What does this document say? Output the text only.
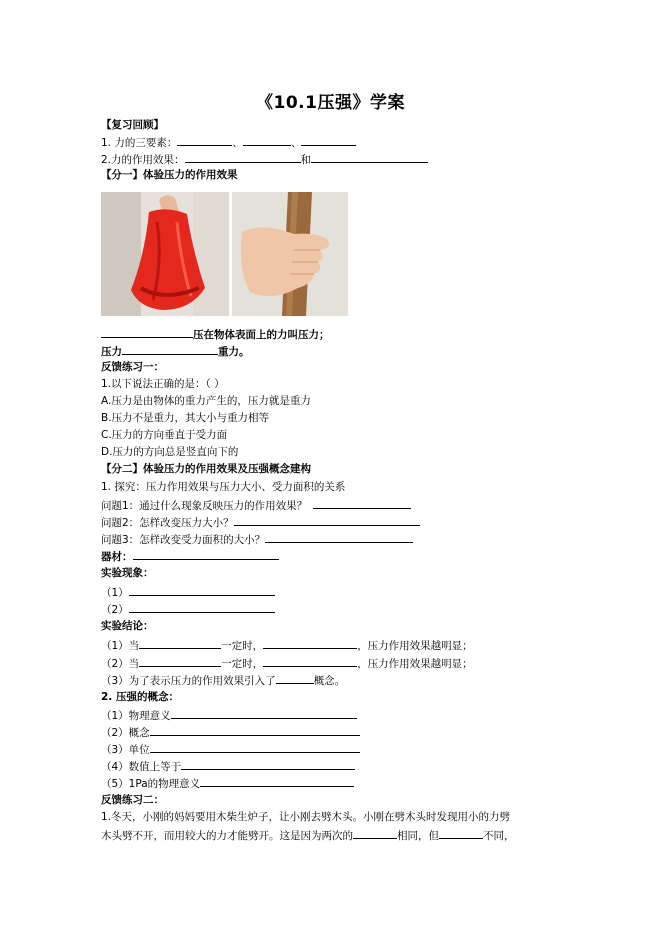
《10.1压强》学案
【复习回顾】
1. 力的三要素：	、	、
2.力的作用效果：	和
【分一】体验压力的作用效果
压在物体表面上的力叫压力；
压力	重力。
反馈练习一：
1.以下说法正确的是：（ ）
A.压力是由物体的重力产生的，压力就是重力
B.压力不是重力，其大小与重力相等
C.压力的方向垂直于受力面
D.压力的方向总是竖直向下的
【分二】体验压力的作用效果及压强概念建构
1. 探究：压力作用效果与压力大小、受力面积的关系
问题1：通过什么现象反映压力的作用效果？
问题2：怎样改变压力大小？
问题3：怎样改变受力面积的大小？
器材：
实验现象：
（1）
（2）
实验结论：
（1）当	一定时，	，压力作用效果越明显；
（2）当	一定时，	，压力作用效果越明显；
（3）为了表示压力的作用效果引入了	概念。
2. 压强的概念：
（1）物理意义
（2）概念
（3）单位
（4）数值上等于
（5）1Pa的物理意义
反馈练习二：
1.冬天，小刚的妈妈要用木柴生炉子，让小刚去劈木头。小刚在劈木头时发现用小的力劈
木头劈不开，而用较大的力才能劈开。这是因为两次的	相同，但	不同，
